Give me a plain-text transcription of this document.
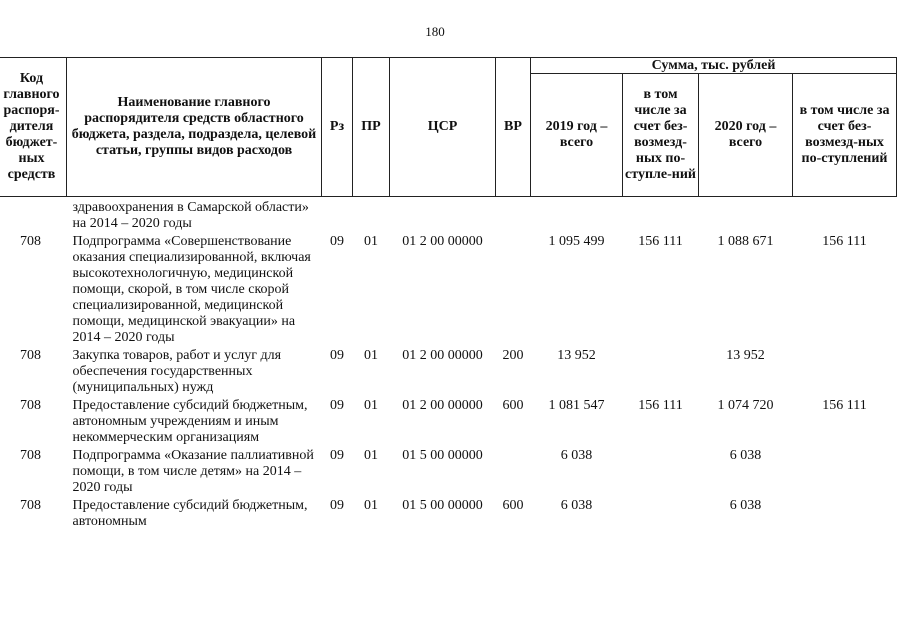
180
Код главного распоря-дителя бюджет-ных средств	Наименование главного распорядителя средств областного бюджета, раздела, подраздела, целевой статьи, группы видов расходов	Рз	ПР	ЦСР	ВР	Сумма, тыс. рублей			
						2019 год – всего	в том числе за счет без-возмезд-ных по-ступле-ний	2020 год – всего	в том числе за счет без-возмезд-ных по-ступлений
	здравоохранения в Самарской области» на 2014 – 2020 годы								
708	Подпрограмма «Совершенствование оказания специализированной, включая высокотехнологичную, медицинской помощи, скорой, в том числе скорой специализированной, медицинской помощи, медицинской эвакуации» на 2014 – 2020 годы	09	01	01 2 00 00000		1 095 499	156 111	1 088 671	156 111
708	Закупка товаров, работ и услуг для обеспечения государственных (муниципальных) нужд	09	01	01 2 00 00000	200	13 952		13 952	
708	Предоставление субсидий бюджетным, автономным учреждениям и иным некоммерческим организациям	09	01	01 2 00 00000	600	1 081 547	156 111	1 074 720	156 111
708	Подпрограмма «Оказание паллиативной помощи, в том числе детям» на 2014 – 2020 годы	09	01	01 5 00 00000		6 038		6 038	
708	Предоставление субсидий бюджетным, автономным	09	01	01 5 00 00000	600	6 038		6 038	
